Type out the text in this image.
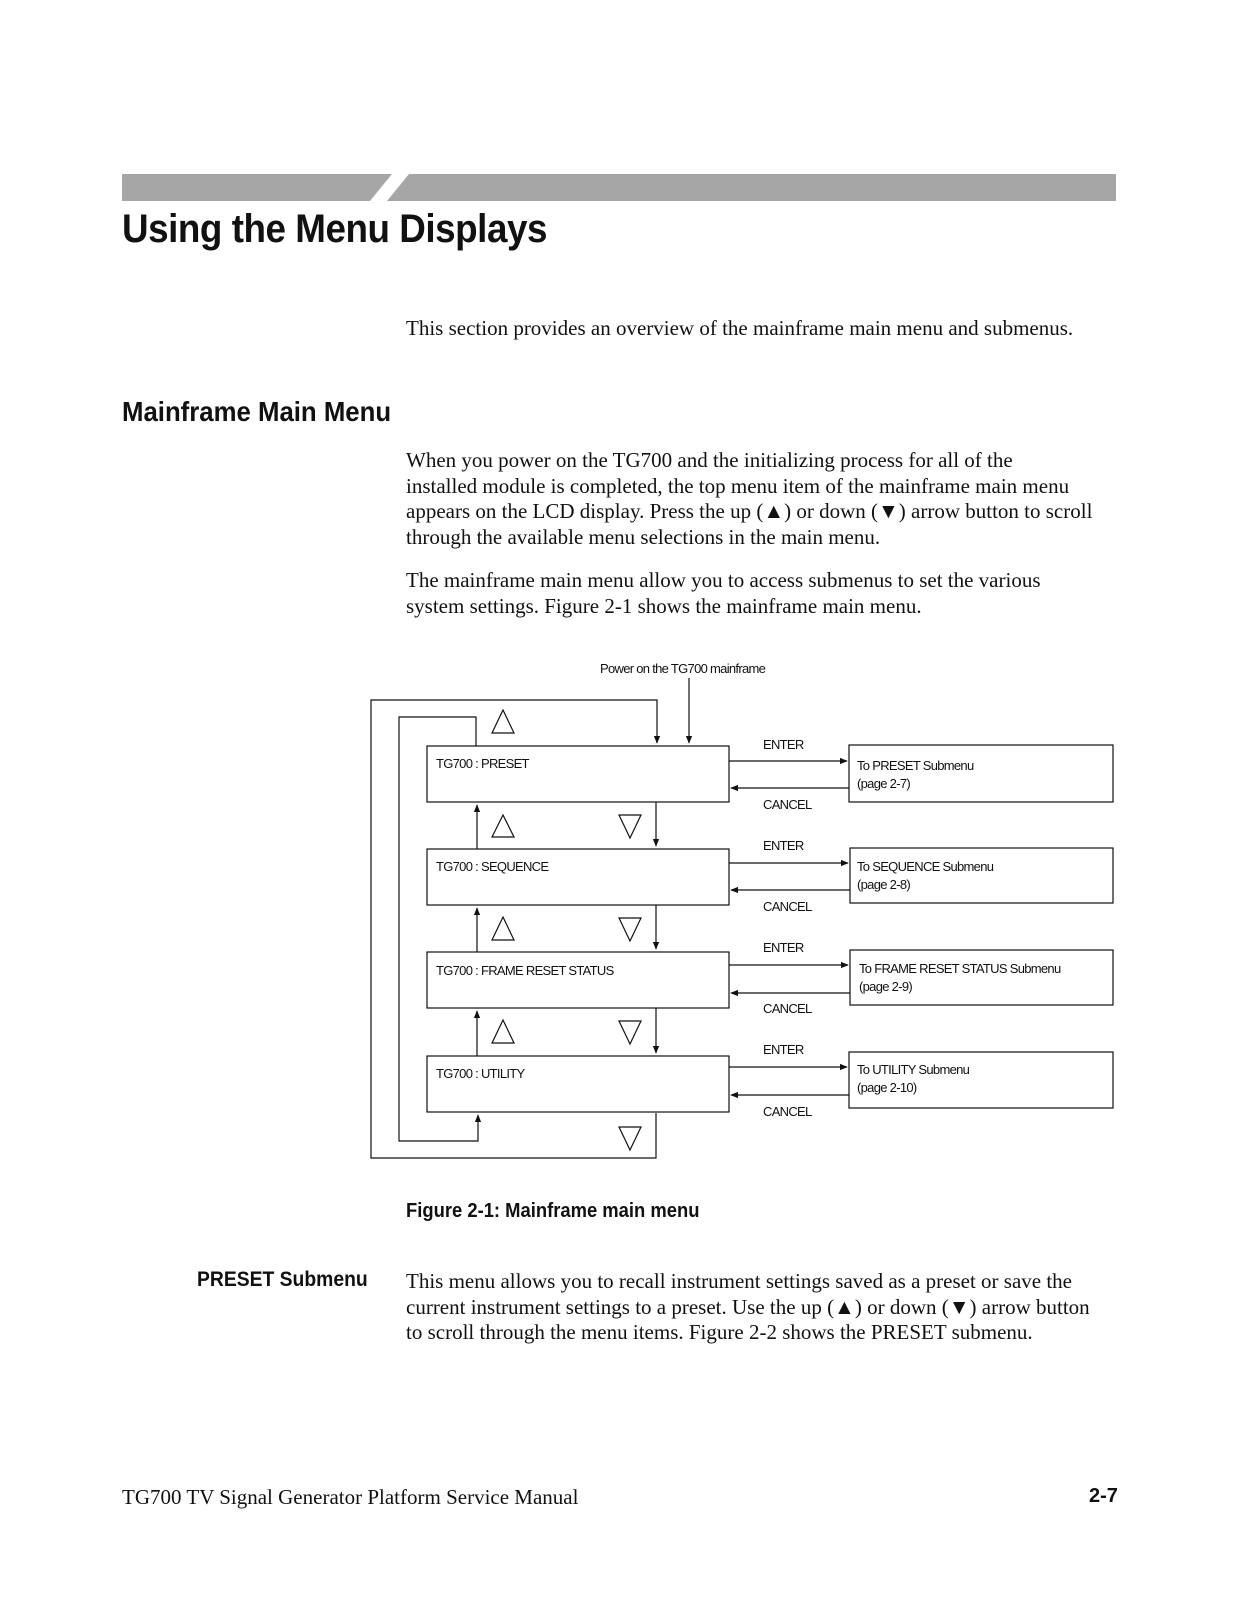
Using the Menu Displays
This section provides an overview of the mainframe main menu and submenus.
Mainframe Main Menu
When you power on the TG700 and the initializing process for all of the
installed module is completed, the top menu item of the mainframe main menu
appears on the LCD display. Press the up (▲) or down (▼) arrow button to scroll
through the available menu selections in the main menu.
The mainframe main menu allow you to access submenus to set the various
system settings. Figure 2-1 shows the mainframe main menu.
Power on the TG700 mainframe
TG700 : PRESET
TG700 : SEQUENCE
TG700 : FRAME RESET STATUS
TG700 : UTILITY
To PRESET Submenu
(page 2-7)
To SEQUENCE Submenu
(page 2-8)
To FRAME RESET STATUS Submenu
(page 2-9)
To UTILITY Submenu
(page 2-10)
ENTER
CANCEL
ENTER
CANCEL
ENTER
CANCEL
ENTER
CANCEL
Figure 2-1: Mainframe main menu
PRESET Submenu This menu allows you to recall instrument settings saved as a preset or save the
current instrument settings to a preset. Use the up (▲) or down (▼) arrow button
to scroll through the menu items. Figure 2-2 shows the PRESET submenu.
TG700 TV Signal Generator Platform Service Manual	2-7
